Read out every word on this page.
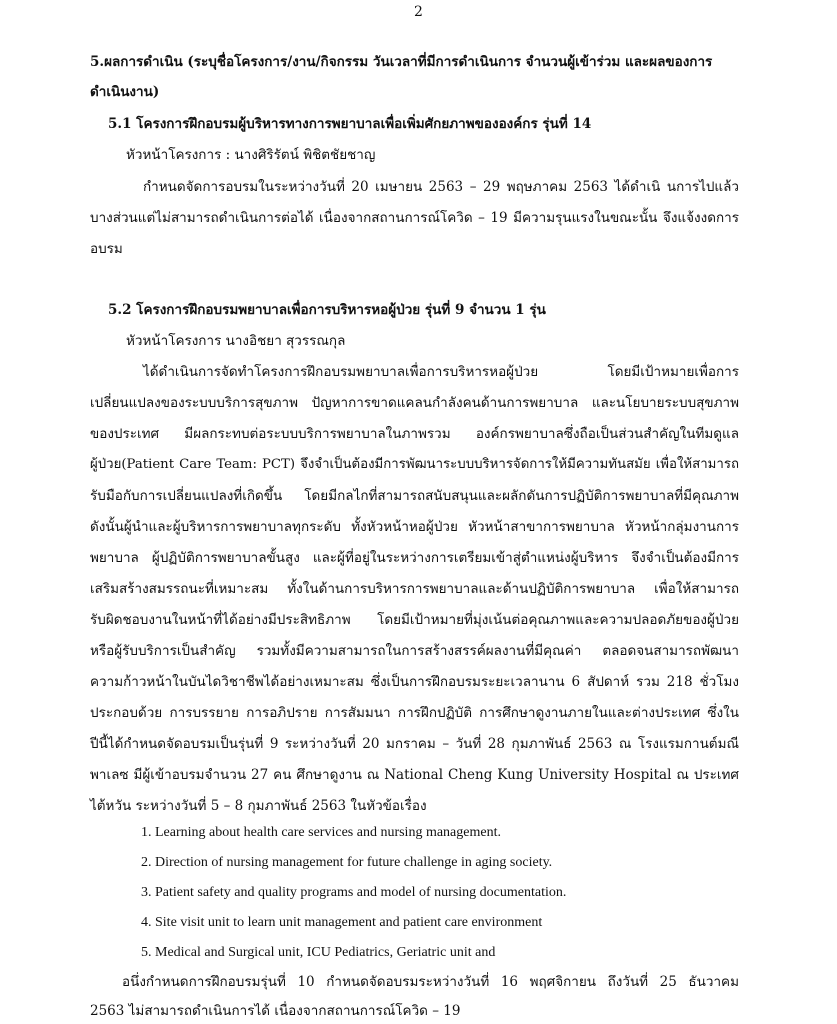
2
5.ผลการดำเนิน (ระบุชื่อโครงการ/งาน/กิจกรรม วันเวลาที่มีการดำเนินการ จำนวนผู้เข้าร่วม และผลของการ
ดำเนินงาน)
5.1 โครงการฝึกอบรมผู้บริหารทางการพยาบาลเพื่อเพิ่มศักยภาพขององค์กร รุ่นที่ 14
หัวหน้าโครงการ : นางศิริรัตน์ พิชิตชัยชาญ
กำหนดจัดการอบรมในระหว่างวันที่ 20 เมษายน 2563 – 29 พฤษภาคม 2563 ได้ดำเนิ นการไปแล้ว
บางส่วนแต่ไม่สามารถดำเนินการต่อได้ เนื่องจากสถานการณ์โควิด – 19 มีความรุนแรงในขณะนั้น จึงแจ้งงดการ
อบรม
5.2 โครงการฝึกอบรมพยาบาลเพื่อการบริหารหอผู้ป่วย รุ่นที่ 9 จำนวน 1 รุ่น
หัวหน้าโครงการ นางอิชยา สุวรรณกุล
ได้ดำเนินการจัดทำโครงการฝึกอบรมพยาบาลเพื่อการบริหารหอผู้ป่วย โดยมีเป้าหมายเพื่อการ
เปลี่ยนแปลงของระบบบริการสุขภาพ ปัญหาการขาดแคลนกำลังคนด้านการพยาบาล และนโยบายระบบสุขภาพ
ของประเทศ มีผลกระทบต่อระบบบริการพยาบาลในภาพรวม องค์กรพยาบาลซึ่งถือเป็นส่วนสำคัญในทีมดูแล
ผู้ป่วย(Patient Care Team: PCT) จึงจำเป็นต้องมีการพัฒนาระบบบริหารจัดการให้มีความทันสมัย เพื่อให้สามารถ
รับมือกับการเปลี่ยนแปลงที่เกิดขึ้น โดยมีกลไกที่สามารถสนับสนุนและผลักดันการปฏิบัติการพยาบาลที่มีคุณภาพ
ดังนั้นผู้นำและผู้บริหารการพยาบาลทุกระดับ ทั้งหัวหน้าหอผู้ป่วย หัวหน้าสาขาการพยาบาล หัวหน้ากลุ่มงานการ
พยาบาล ผู้ปฏิบัติการพยาบาลขั้นสูง และผู้ที่อยู่ในระหว่างการเตรียมเข้าสู่ตำแหน่งผู้บริหาร จึงจำเป็นต้องมีการ
เสริมสร้างสมรรถนะที่เหมาะสม ทั้งในด้านการบริหารการพยาบาลและด้านปฏิบัติการพยาบาล เพื่อให้สามารถ
รับผิดชอบงานในหน้าที่ได้อย่างมีประสิทธิภาพ โดยมีเป้าหมายที่มุ่งเน้นต่อคุณภาพและความปลอดภัยของผู้ป่วย
หรือผู้รับบริการเป็นสำคัญ รวมทั้งมีความสามารถในการสร้างสรรค์ผลงานที่มีคุณค่า ตลอดจนสามารถพัฒนา
ความก้าวหน้าในบันไดวิชาชีพได้อย่างเหมาะสม ซึ่งเป็นการฝึกอบรมระยะเวลานาน 6 สัปดาห์ รวม 218 ชั่วโมง
ประกอบด้วย การบรรยาย การอภิปราย การสัมมนา การฝึกปฏิบัติ การศึกษาดูงานภายในและต่างประเทศ ซึ่งใน
ปีนี้ได้กำหนดจัดอบรมเป็นรุ่นที่ 9 ระหว่างวันที่ 20 มกราคม – วันที่ 28 กุมภาพันธ์ 2563 ณ โรงแรมกานต์มณี
พาเลซ มีผู้เข้าอบรมจำนวน 27 คน ศึกษาดูงาน ณ National Cheng Kung University Hospital ณ ประเทศ
ไต้หวัน ระหว่างวันที่ 5 – 8 กุมภาพันธ์ 2563 ในหัวข้อเรื่อง
1. Learning about health care services and nursing management.
2. Direction of nursing management for future challenge in aging society.
3. Patient safety and quality programs and model of nursing documentation.
4. Site visit unit to learn unit management and patient care environment
5. Medical and Surgical unit, ICU Pediatrics, Geriatric unit and
อนึ่งกำหนดการฝึกอบรมรุ่นที่ 10 กำหนดจัดอบรมระหว่างวันที่ 16 พฤศจิกายน ถึงวันที่ 25 ธันวาคม
2563 ไม่สามารถดำเนินการได้ เนื่องจากสถานการณ์โควิด – 19
